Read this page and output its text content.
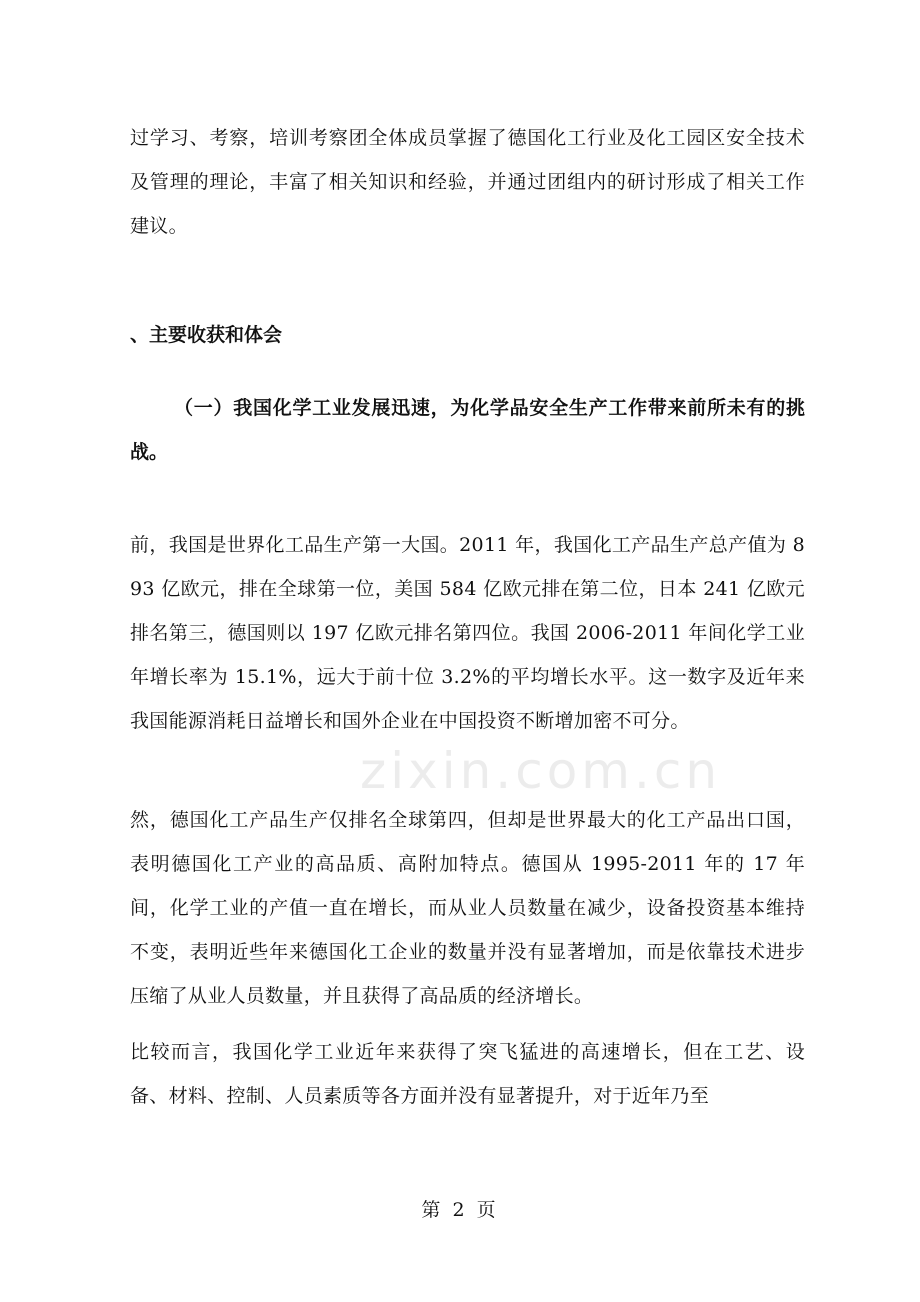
过学习、考察，培训考察团全体成员掌握了德国化工行业及化工园区安全技术及管理的理论，丰富了相关知识和经验，并通过团组内的研讨形成了相关工作建议。
、主要收获和体会
（一）我国化学工业发展迅速，为化学品安全生产工作带来前所未有的挑战。
前，我国是世界化工品生产第一大国。2011 年，我国化工产品生产总产值为 893 亿欧元，排在全球第一位，美国 584 亿欧元排在第二位，日本 241 亿欧元排名第三，德国则以 197 亿欧元排名第四位。我国 2006-2011 年间化学工业年增长率为 15.1%，远大于前十位 3.2%的平均增长水平。这一数字及近年来我国能源消耗日益增长和国外企业在中国投资不断增加密不可分。
zixin.com.cn
然，德国化工产品生产仅排名全球第四，但却是世界最大的化工产品出口国，表明德国化工产业的高品质、高附加特点。德国从 1995-2011 年的 17 年间，化学工业的产值一直在增长，而从业人员数量在减少，设备投资基本维持不变，表明近些年来德国化工企业的数量并没有显著增加，而是依靠技术进步压缩了从业人员数量，并且获得了高品质的经济增长。
比较而言，我国化学工业近年来获得了突飞猛进的高速增长，但在工艺、设备、材料、控制、人员素质等各方面并没有显著提升，对于近年乃至
第 2 页
